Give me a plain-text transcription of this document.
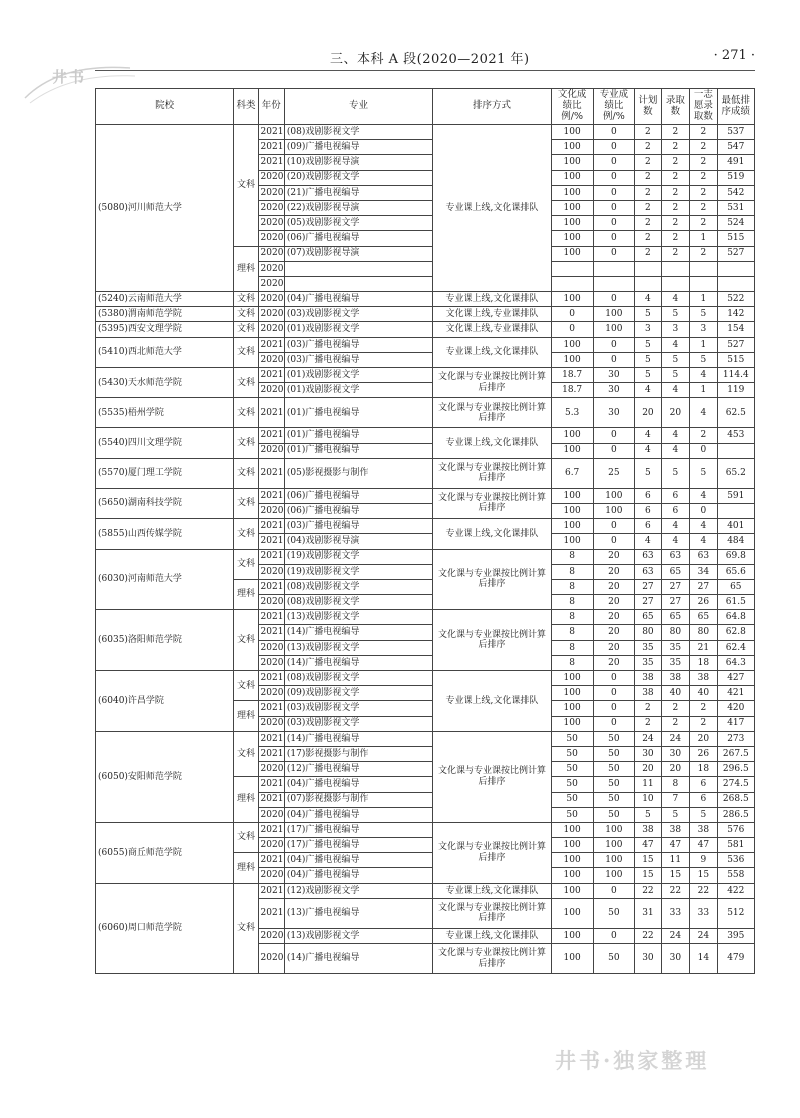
三、本科 A 段(2020—2021 年)	· 271 ·
井书
院校	科类	年份	专业	排序方式	文化成绩比例/%	专业成绩比例/%	计划数	录取数	一志愿录取数	最低排序成绩
(5080)河川师范大学	文科	2021	(08)戏剧影视文学	专业课上线,文化课排队	100	0	2	2	2	537
		2021	(09)广播电视编导		100	0	2	2	2	547
		2021	(10)戏剧影视导演		100	0	2	2	2	491
		2020	(20)戏剧影视文学		100	0	2	2	2	519
		2020	(21)广播电视编导		100	0	2	2	2	542
		2020	(22)戏剧影视导演		100	0	2	2	2	531
		2020	(05)戏剧影视文学		100	0	2	2	2	524
		2020	(06)广播电视编导		100	0	2	2	1	515
	理科	2020	(07)戏剧影视导演		100	0	2	2	2	527
		2020								
		2020								
(5240)云南师范大学	文科	2020	(04)广播电视编导	专业课上线,文化课排队	100	0	4	4	1	522
(5380)渭南师范学院	文科	2020	(03)戏剧影视文学	文化课上线,专业课排队	0	100	5	5	5	142
(5395)西安文理学院	文科	2020	(01)戏剧影视文学	文化课上线,专业课排队	0	100	3	3	3	154
(5410)西北师范大学	文科	2021	(03)广播电视编导	专业课上线,文化课排队	100	0	5	4	1	527
		2020	(03)广播电视编导		100	0	5	5	5	515
(5430)天水师范学院	文科	2021	(01)戏剧影视文学	文化课与专业课按比例计算后排序	18.7	30	5	5	4	114.4
		2020	(01)戏剧影视文学		18.7	30	4	4	1	119
(5535)梧州学院	文科	2021	(01)广播电视编导	文化课与专业课按比例计算后排序	5.3	30	20	20	4	62.5
(5540)四川文理学院	文科	2021	(01)广播电视编导	专业课上线,文化课排队	100	0	4	4	2	453
		2020	(01)广播电视编导		100	0	4	4	0	
(5570)厦门理工学院	文科	2021	(05)影视摄影与制作	文化课与专业课按比例计算后排序	6.7	25	5	5	5	65.2
(5650)湖南科技学院	文科	2021	(06)广播电视编导	文化课与专业课按比例计算后排序	100	100	6	6	4	591
		2020	(06)广播电视编导		100	100	6	6	0	
(5855)山西传媒学院	文科	2021	(03)广播电视编导	专业课上线,文化课排队	100	0	6	4	4	401
		2021	(04)戏剧影视导演		100	0	4	4	4	484
(6030)河南师范大学	文科	2021	(19)戏剧影视文学	文化课与专业课按比例计算后排序	8	20	63	63	63	69.8
		2020	(19)戏剧影视文学		8	20	63	65	34	65.6
	理科	2021	(08)戏剧影视文学		8	20	27	27	27	65
		2020	(08)戏剧影视文学		8	20	27	27	26	61.5
(6035)洛阳师范学院	文科	2021	(13)戏剧影视文学	文化课与专业课按比例计算后排序	8	20	65	65	65	64.8
		2021	(14)广播电视编导		8	20	80	80	80	62.8
		2020	(13)戏剧影视文学		8	20	35	35	21	62.4
		2020	(14)广播电视编导		8	20	35	35	18	64.3
(6040)许昌学院	文科	2021	(08)戏剧影视文学	专业课上线,文化课排队	100	0	38	38	38	427
		2020	(09)戏剧影视文学		100	0	38	40	40	421
	理科	2021	(03)戏剧影视文学		100	0	2	2	2	420
		2020	(03)戏剧影视文学		100	0	2	2	2	417
(6050)安阳师范学院	文科	2021	(14)广播电视编导	文化课与专业课按比例计算后排序	50	50	24	24	20	273
		2021	(17)影视摄影与制作		50	50	30	30	26	267.5
		2020	(12)广播电视编导		50	50	20	20	18	296.5
	理科	2021	(04)广播电视编导		50	50	11	8	6	274.5
		2021	(07)影视摄影与制作		50	50	10	7	6	268.5
		2020	(04)广播电视编导		50	50	5	5	5	286.5
(6055)商丘师范学院	文科	2021	(17)广播电视编导	文化课与专业课按比例计算后排序	100	100	38	38	38	576
		2020	(17)广播电视编导		100	100	47	47	47	581
	理科	2021	(04)广播电视编导		100	100	15	11	9	536
		2020	(04)广播电视编导		100	100	15	15	15	558
(6060)周口师范学院	文科	2021	(12)戏剧影视文学	专业课上线,文化课排队	100	0	22	22	22	422
		2021	(13)广播电视编导	文化课与专业课按比例计算后排序	100	50	31	33	33	512
		2020	(13)戏剧影视文学	专业课上线,文化课排队	100	0	22	24	24	395
		2020	(14)广播电视编导	文化课与专业课按比例计算后排序	100	50	30	30	14	479
井书·独家整理
